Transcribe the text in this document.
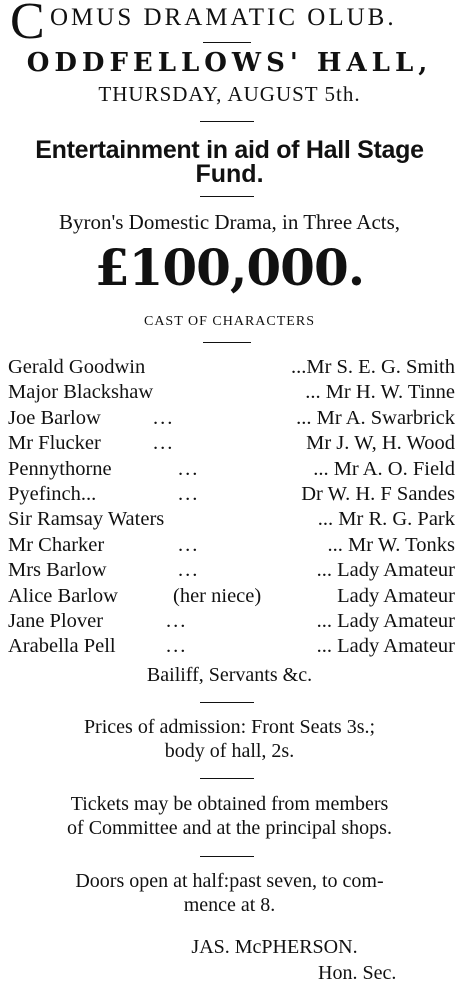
C OMUS DRAMATIC OLUB.
ODDFELLOWS' HALL,
THURSDAY, AUGUST 5th.
Entertainment in aid of Hall Stage
Fund.
Byron's Domestic Drama, in Three Acts,
£100,000.
CAST OF CHARACTERS
Gerald Goodwin	...Mr S. E. G. Smith
Major Blackshaw	... Mr H. W. Tinne
Joe Barlow	...	... Mr A. Swarbrick
Mr Flucker	...	Mr J. W, H. Wood
Pennythorne	...	... Mr A. O. Field
Pyefinch...	...	Dr W. H. F Sandes
Sir Ramsay Waters	... Mr R. G. Park
Mr Charker	...	... Mr W. Tonks
Mrs Barlow	...	... Lady Amateur
Alice Barlow	(her niece)	Lady Amateur
Jane Plover	...	... Lady Amateur
Arabella Pell ...	... Lady Amateur
Bailiff, Servants &c.
Prices of admission: Front Seats 3s.;
body of hall, 2s.
Tickets may be obtained from members
of Committee and at the principal shops.
Doors open at half:past seven, to com-
mence at 8.
JAS. McPHERSON.
Hon. Sec.
